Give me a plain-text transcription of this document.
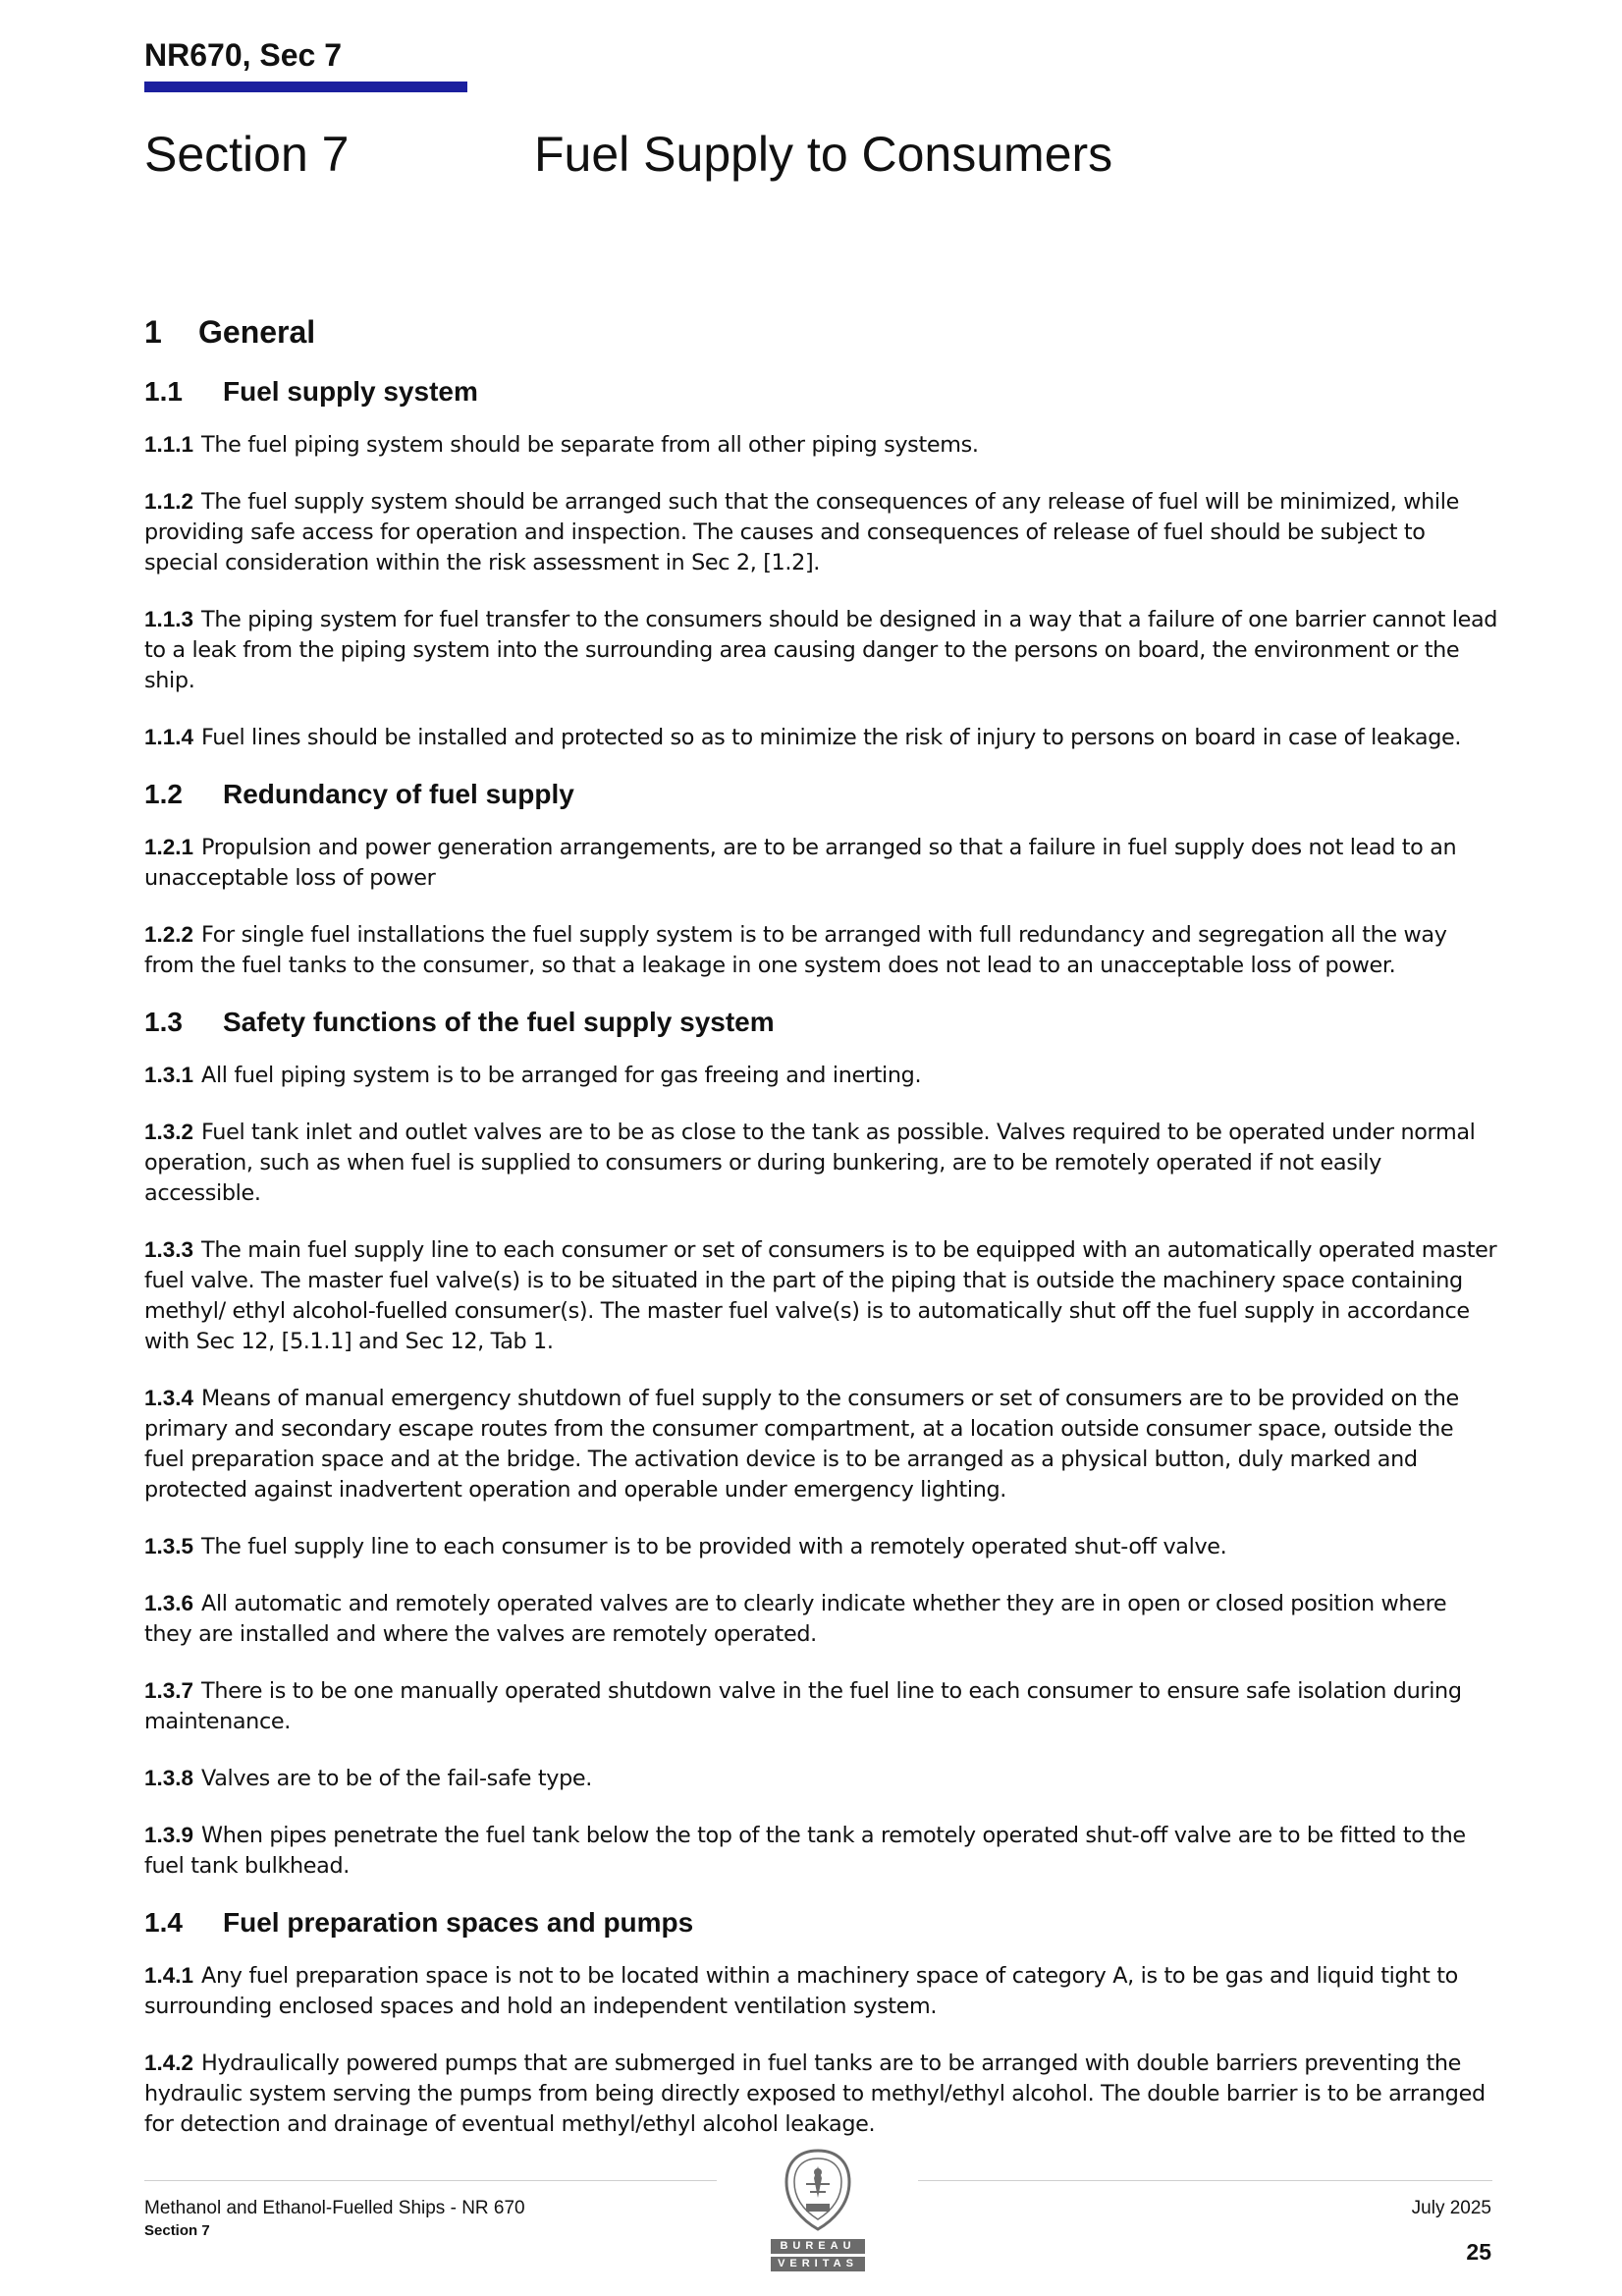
NR670, Sec 7
Section 7	Fuel Supply to Consumers
1	General
1.1	Fuel supply system

1.1.1 The fuel piping system should be separate from all other piping systems.

1.1.2 The fuel supply system should be arranged such that the consequences of any release of fuel will be minimized, while providing safe access for operation and inspection. The causes and consequences of release of fuel should be subject to special consideration within the risk assessment in Sec 2, [1.2].

1.1.3 The piping system for fuel transfer to the consumers should be designed in a way that a failure of one barrier cannot lead to a leak from the piping system into the surrounding area causing danger to the persons on board, the environment or the ship.

1.1.4 Fuel lines should be installed and protected so as to minimize the risk of injury to persons on board in case of leakage.

1.2	Redundancy of fuel supply

1.2.1 Propulsion and power generation arrangements, are to be arranged so that a failure in fuel supply does not lead to an unacceptable loss of power

1.2.2 For single fuel installations the fuel supply system is to be arranged with full redundancy and segregation all the way from the fuel tanks to the consumer, so that a leakage in one system does not lead to an unacceptable loss of power.

1.3	Safety functions of the fuel supply system

1.3.1 All fuel piping system is to be arranged for gas freeing and inerting.

1.3.2 Fuel tank inlet and outlet valves are to be as close to the tank as possible. Valves required to be operated under normal operation, such as when fuel is supplied to consumers or during bunkering, are to be remotely operated if not easily accessible.

1.3.3 The main fuel supply line to each consumer or set of consumers is to be equipped with an automatically operated master fuel valve. The master fuel valve(s) is to be situated in the part of the piping that is outside the machinery space containing methyl/ ethyl alcohol-fuelled consumer(s). The master fuel valve(s) is to automatically shut off the fuel supply in accordance with Sec 12, [5.1.1] and Sec 12, Tab 1.

1.3.4 Means of manual emergency shutdown of fuel supply to the consumers or set of consumers are to be provided on the primary and secondary escape routes from the consumer compartment, at a location outside consumer space, outside the fuel preparation space and at the bridge. The activation device is to be arranged as a physical button, duly marked and protected against inadvertent operation and operable under emergency lighting.

1.3.5 The fuel supply line to each consumer is to be provided with a remotely operated shut-off valve.

1.3.6 All automatic and remotely operated valves are to clearly indicate whether they are in open or closed position where they are installed and where the valves are remotely operated.

1.3.7 There is to be one manually operated shutdown valve in the fuel line to each consumer to ensure safe isolation during maintenance.

1.3.8 Valves are to be of the fail-safe type.

1.3.9 When pipes penetrate the fuel tank below the top of the tank a remotely operated shut-off valve are to be fitted to the fuel tank bulkhead.

1.4	Fuel preparation spaces and pumps

1.4.1 Any fuel preparation space is not to be located within a machinery space of category A, is to be gas and liquid tight to surrounding enclosed spaces and hold an independent ventilation system.

1.4.2 Hydraulically powered pumps that are submerged in fuel tanks are to be arranged with double barriers preventing the hydraulic system serving the pumps from being directly exposed to methyl/ethyl alcohol. The double barrier is to be arranged for detection and drainage of eventual methyl/ethyl alcohol leakage.

Methanol and Ethanol-Fuelled Ships - NR 670
Section 7
July 2025
25
BUREAU
VERITAS
